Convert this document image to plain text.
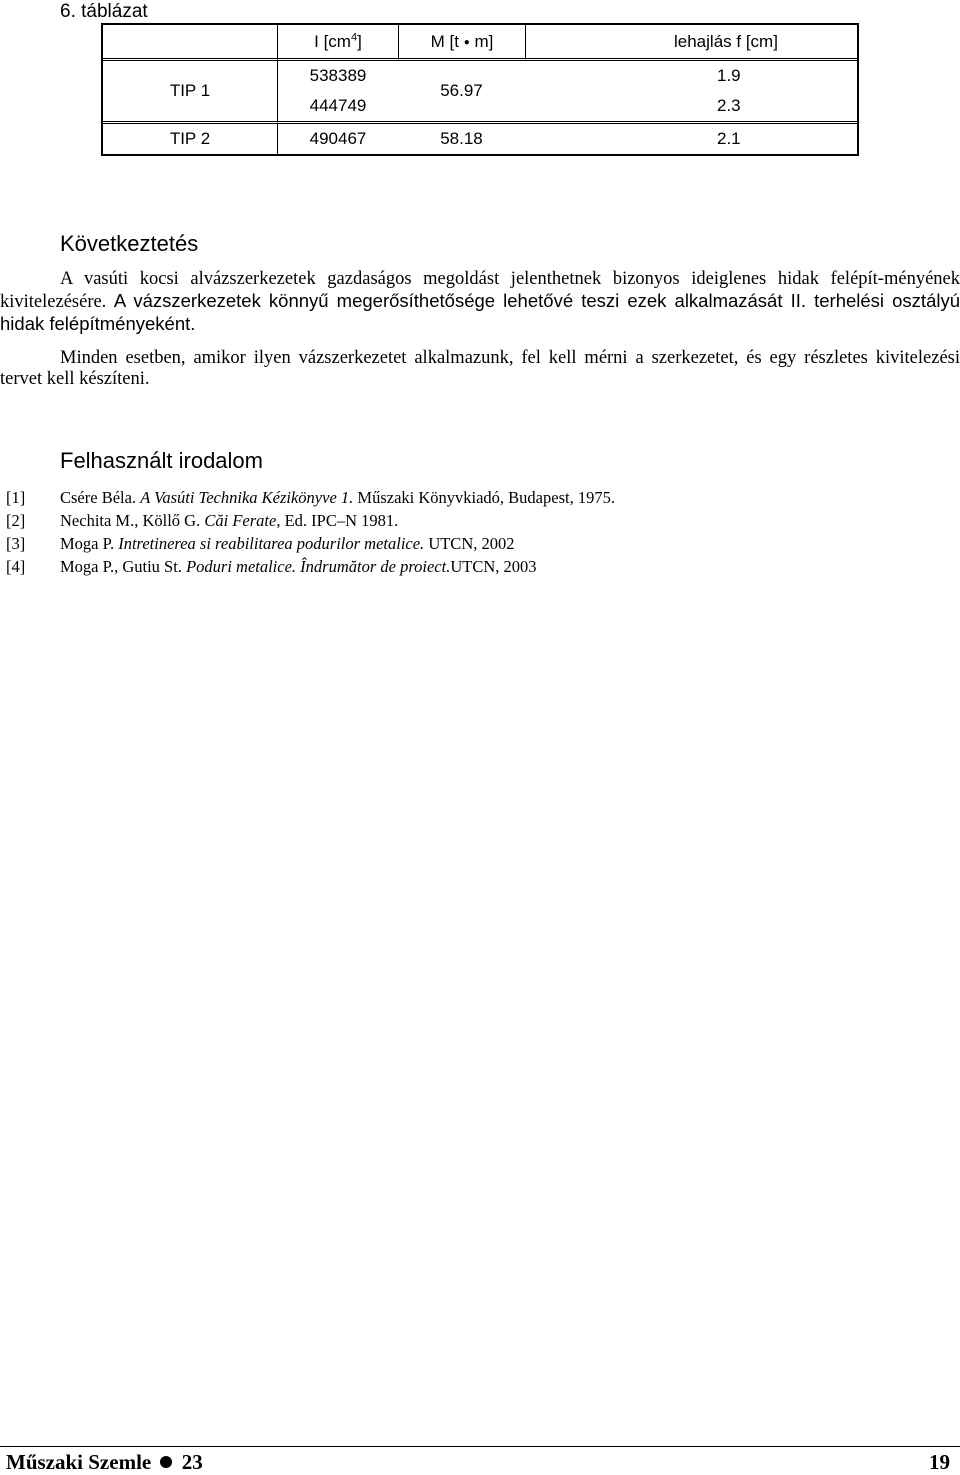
6. táblázat
	I $[cm^4]$	M [t ● m]	lehajlás f [cm]
TIP 1	538389	56.97	1.9
	444749		2.3
TIP 2	490467	58.18	2.1
Következtetés
A vasúti kocsi alvázszerkezetek gazdaságos megoldást jelenthetnek bizonyos ideiglenes hidak felépít-ményének kivitelezésére. A vázszerkezetek könnyű megerősíthetősége lehetővé teszi ezek alkalmazását II. terhelési osztályú hidak felépítményeként.
Minden esetben, amikor ilyen vázszerkezetet alkalmazunk, fel kell mérni a szerkezetet, és egy részletes kivitelezési tervet kell készíteni.
Felhasznált irodalom
[1]	Csére Béla. A Vasúti Technika Kézikönyve 1. Műszaki Könyvkiadó, Budapest, 1975.
[2]	Nechita M., Köllő G. Căi Ferate, Ed. IPC–N 1981.
[3]	Moga P. Intretinerea si reabilitarea podurilor metalice. UTCN, 2002
[4]	Moga P., Gutiu St. Poduri metalice. Îndrumător de proiect.UTCN, 2003
Műszaki Szemle 23	19
